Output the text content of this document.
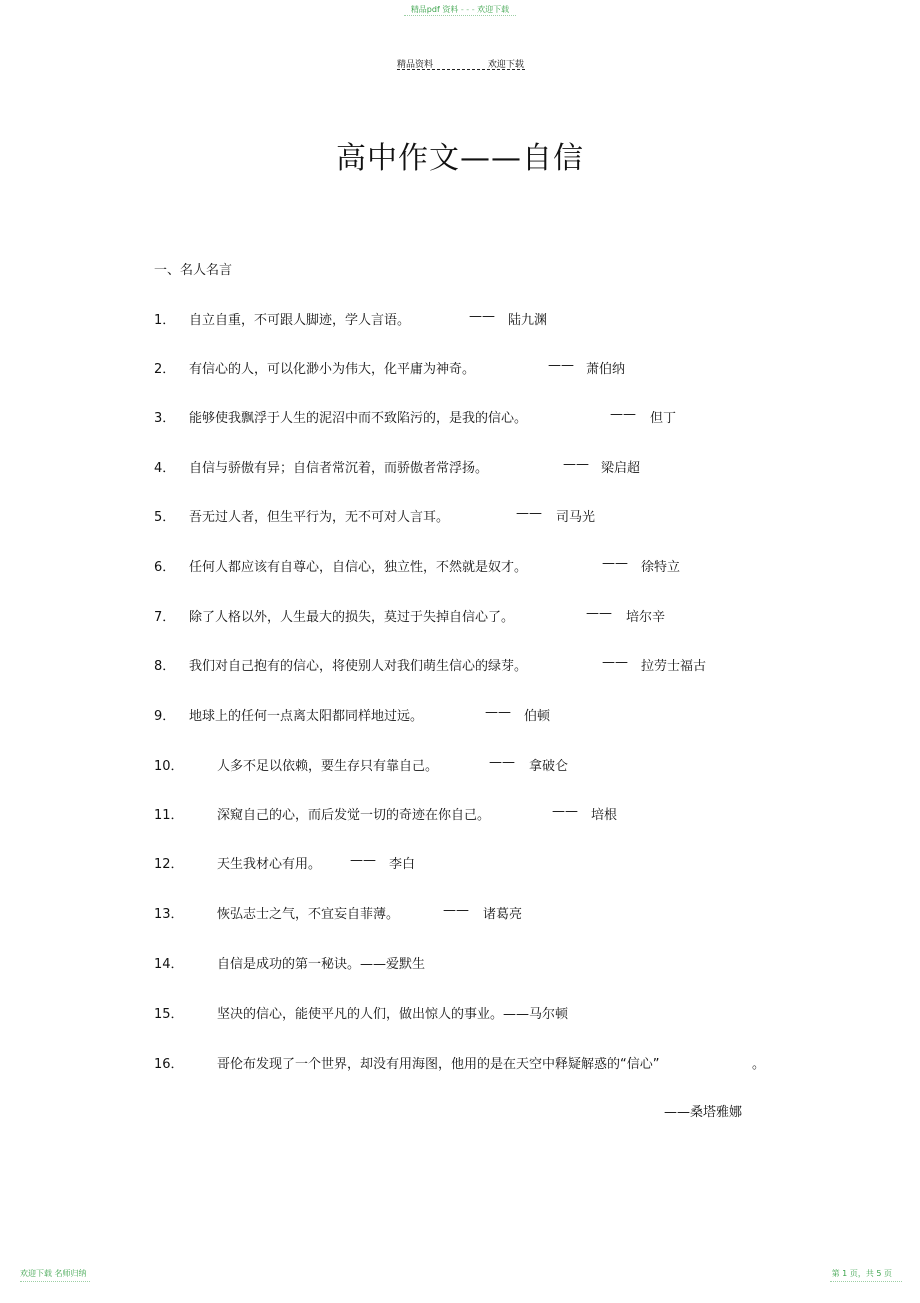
精品pdf 资料 - - - 欢迎下载
精品资料	欢迎下载
高中作文——自信
一、名人名言
1． 自立自重，不可跟人脚迹，学人言语。	—— 陆九渊
2． 有信心的人，可以化渺小为伟大，化平庸为神奇。	—— 萧伯纳
3． 能够使我飘浮于人生的泥沼中而不致陷污的，是我的信心。	—— 但丁
4． 自信与骄傲有异；自信者常沉着，而骄傲者常浮扬。	—— 梁启超
5． 吾无过人者，但生平行为，无不可对人言耳。	—— 司马光
6． 任何人都应该有自尊心，自信心，独立性，不然就是奴才。	—— 徐特立
7． 除了人格以外，人生最大的损失，莫过于失掉自信心了。	—— 培尔辛
8． 我们对自己抱有的信心，将使别人对我们萌生信心的绿芽。	—— 拉劳士福古
9． 地球上的任何一点离太阳都同样地过远。	—— 伯顿
10．	人多不足以依赖，要生存只有靠自己。	—— 拿破仑
11．	深窥自己的心，而后发觉一切的奇迹在你自己。	—— 培根
12．	天生我材心有用。 —— 李白
13．	恢弘志士之气，不宜妄自菲薄。	—— 诸葛亮
14．	自信是成功的第一秘诀。——爱默生
15．	坚决的信心，能使平凡的人们，做出惊人的事业。——马尔顿
16．	哥伦布发现了一个世界，却没有用海图，他用的是在天空中释疑解惑的“信心”	。
——桑塔雅娜
欢迎下载 名师归纳	第 1 页，共 5 页
